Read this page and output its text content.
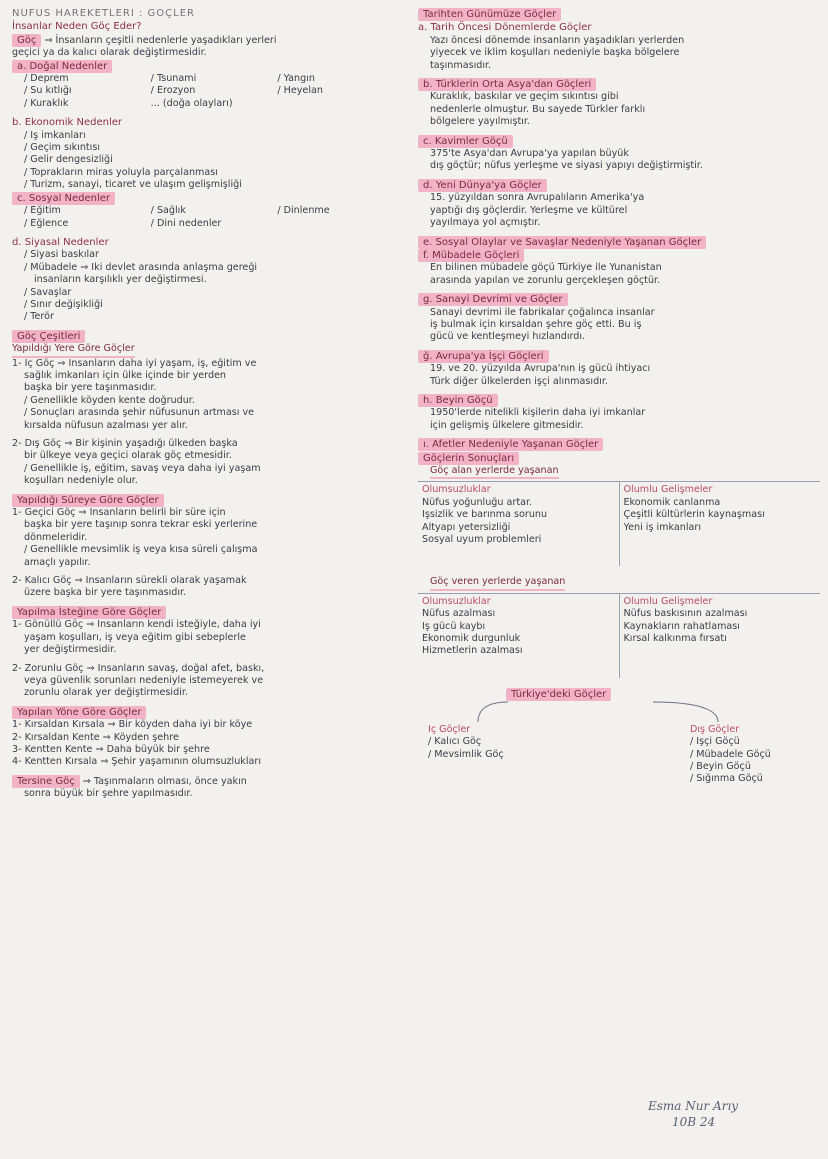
NÜFUS HAREKETLERİ : GÖÇLER
İnsanlar Neden Göç Eder?
Göç ⇒ İnsanların çeşitli nedenlerle yaşadıkları yerleri
geçici ya da kalıcı olarak değiştirmesidir.
a. Doğal Nedenler
/ Deprem
/ Su kıtlığı
/ Kuraklık
/ Tsunami
/ Erozyon
... (doğa olayları)
/ Yangın
/ Heyelan
b. Ekonomik Nedenler
/ İş imkanları
/ Geçim sıkıntısı
/ Gelir dengesizliği
/ Toprakların miras yoluyla parçalanması
/ Turizm, sanayi, ticaret ve ulaşım gelişmişliği
c. Sosyal Nedenler
/ Eğitim
/ Eğlence
/ Sağlık
/ Dini nedenler
/ Dinlenme
d. Siyasal Nedenler
/ Siyasi baskılar
/ Mübadele ⇒ İki devlet arasında anlaşma gereği
insanların karşılıklı yer değiştirmesi.
/ Savaşlar
/ Sınır değişikliği
/ Terör
Göç Çeşitleri
Yapıldığı Yere Göre Göçler
1- İç Göç ⇒ İnsanların daha iyi yaşam, iş, eğitim ve
sağlık imkanları için ülke içinde bir yerden
başka bir yere taşınmasıdır.
/ Genellikle köyden kente doğrudur.
/ Sonuçları arasında şehir nüfusunun artması ve
kırsalda nüfusun azalması yer alır.
2- Dış Göç ⇒ Bir kişinin yaşadığı ülkeden başka
bir ülkeye veya geçici olarak göç etmesidir.
/ Genellikle iş, eğitim, savaş veya daha iyi yaşam
koşulları nedeniyle olur.
Yapıldığı Süreye Göre Göçler
1- Geçici Göç ⇒ İnsanların belirli bir süre için
başka bir yere taşınıp sonra tekrar eski yerlerine
dönmeleridir.
/ Genellikle mevsimlik iş veya kısa süreli çalışma
amaçlı yapılır.
2- Kalıcı Göç ⇒ İnsanların sürekli olarak yaşamak
üzere başka bir yere taşınmasıdır.
Yapılma İsteğine Göre Göçler
1- Gönüllü Göç ⇒ İnsanların kendi isteğiyle, daha iyi
yaşam koşulları, iş veya eğitim gibi sebeplerle
yer değiştirmesidir.
2- Zorunlu Göç ⇒ İnsanların savaş, doğal afet, baskı,
veya güvenlik sorunları nedeniyle istemeyerek ve
zorunlu olarak yer değiştirmesidir.
Yapılan Yöne Göre Göçler
1- Kırsaldan Kırsala ⇒ Bir köyden daha iyi bir köye
2- Kırsaldan Kente ⇒ Köyden şehre
3- Kentten Kente ⇒ Daha büyük bir şehre
4- Kentten Kırsala ⇒ Şehir yaşamının olumsuzlukları
Tersine Göç ⇒ Taşınmaların olması, önce yakın
sonra büyük bir şehre yapılmasıdır.
Tarihten Günümüze Göçler
a. Tarih Öncesi Dönemlerde Göçler
Yazı öncesi dönemde insanların yaşadıkları yerlerden
yiyecek ve iklim koşulları nedeniyle başka bölgelere
taşınmasıdır.
b. Türklerin Orta Asya'dan Göçleri
Kuraklık, baskılar ve geçim sıkıntısı gibi
nedenlerle olmuştur. Bu sayede Türkler farklı
bölgelere yayılmıştır.
c. Kavimler Göçü
375'te Asya'dan Avrupa'ya yapılan büyük
dış göçtür; nüfus yerleşme ve siyasi yapıyı değiştirmiştir.
d. Yeni Dünya'ya Göçler
15. yüzyıldan sonra Avrupalıların Amerika'ya
yaptığı dış göçlerdir. Yerleşme ve kültürel
yayılmaya yol açmıştır.
e. Sosyal Olaylar ve Savaşlar Nedeniyle Yaşanan Göçler
f. Mübadele Göçleri
En bilinen mübadele göçü Türkiye ile Yunanistan
arasında yapılan ve zorunlu gerçekleşen göçtür.
g. Sanayi Devrimi ve Göçler
Sanayi devrimi ile fabrikalar çoğalınca insanlar
iş bulmak için kırsaldan şehre göç etti. Bu iş
gücü ve kentleşmeyi hızlandırdı.
ğ. Avrupa'ya İşçi Göçleri
19. ve 20. yüzyılda Avrupa'nın iş gücü ihtiyacı
Türk diğer ülkelerden işçi alınmasıdır.
h. Beyin Göçü
1950'lerde nitelikli kişilerin daha iyi imkanlar
için gelişmiş ülkelere gitmesidir.
ı. Afetler Nedeniyle Yaşanan Göçler
Göçlerin Sonuçları
Göç alan yerlerde yaşanan
Olumsuzluklar
Nüfus yoğunluğu artar.
İşsizlik ve barınma sorunu
Altyapı yetersizliği
Sosyal uyum problemleri
Olumlu Gelişmeler
Ekonomik canlanma
Çeşitli kültürlerin kaynaşması
Yeni iş imkanları
Göç veren yerlerde yaşanan
Olumsuzluklar
Nüfus azalması
İş gücü kaybı
Ekonomik durgunluk
Hizmetlerin azalması
Olumlu Gelişmeler
Nüfus baskısının azalması
Kaynakların rahatlaması
Kırsal kalkınma fırsatı
Türkiye'deki Göçler
İç Göçler
/ Kalıcı Göç
/ Mevsimlik Göç
Dış Göçler
/ İşçi Göçü
/ Mübadele Göçü
/ Beyin Göçü
/ Sığınma Göçü
Esma Nur Arıy
10B 24
